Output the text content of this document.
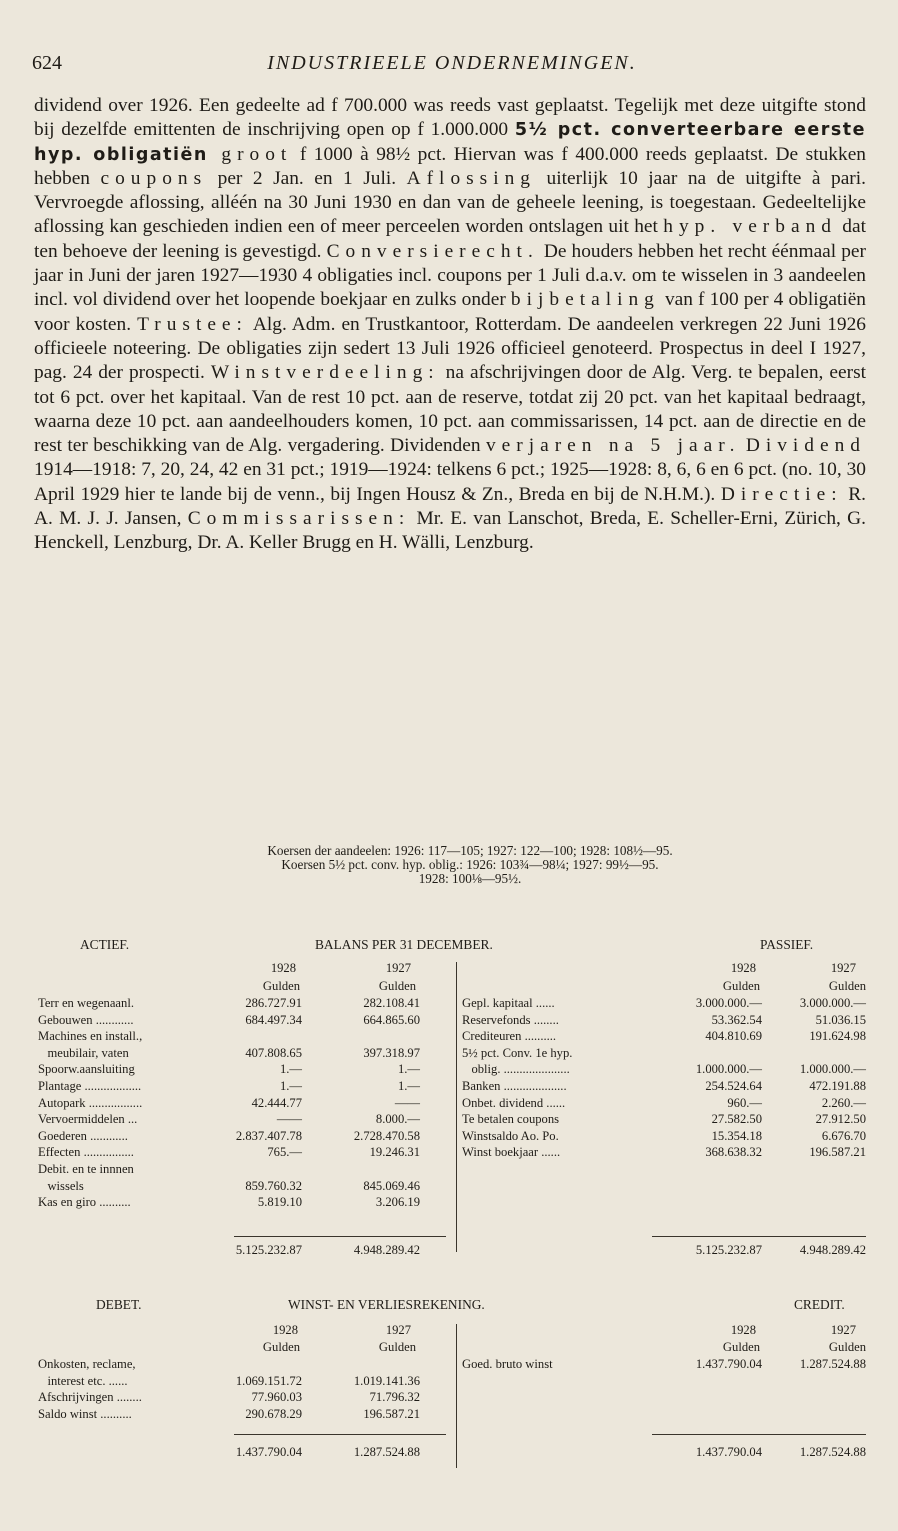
624	INDUSTRIEELE ONDERNEMINGEN.

dividend over 1926. Een gedeelte ad f 700.000 was reeds vast geplaatst. Tegelijk met deze uitgifte stond bij dezelfde emittenten de inschrijving open op f 1.000.000 5½ pct. converteerbare eerste hyp. obligatiën groot f 1000 à 98½ pct. Hiervan was f 400.000 reeds geplaatst. De stukken hebben coupons per 2 Jan. en 1 Juli. Aflossing uiterlijk 10 jaar na de uitgifte à pari. Vervroegde aflossing, alléén na 30 Juni 1930 en dan van de geheele leening, is toegestaan. Gedeeltelijke aflossing kan geschieden indien een of meer perceelen worden ontslagen uit het hyp. verband dat ten behoeve der leening is gevestigd. Conversierecht. De houders hebben het recht éénmaal per jaar in Juni der jaren 1927—1930 4 obligaties incl. coupons per 1 Juli d.a.v. om te wisselen in 3 aandeelen incl. vol dividend over het loopende boekjaar en zulks onder bijbetaling van f 100 per 4 obligatiën voor kosten. Trustee: Alg. Adm. en Trustkantoor, Rotterdam. De aandeelen verkregen 22 Juni 1926 officieele noteering. De obligaties zijn sedert 13 Juli 1926 officieel genoteerd. Prospectus in deel I 1927, pag. 24 der prospecti. Winstverdeeling: na afschrijvingen door de Alg. Verg. te bepalen, eerst tot 6 pct. over het kapitaal. Van de rest 10 pct. aan de reserve, totdat zij 20 pct. van het kapitaal bedraagt, waarna deze 10 pct. aan aandeelhouders komen, 10 pct. aan commissarissen, 14 pct. aan de directie en de rest ter beschikking van de Alg. vergadering. Dividenden verjaren na 5 jaar. Dividend 1914—1918: 7, 20, 24, 42 en 31 pct.; 1919—1924: telkens 6 pct.; 1925—1928: 8, 6, 6 en 6 pct. (no. 10, 30 April 1929 hier te lande bij de venn., bij Ingen Housz & Zn., Breda en bij de N.H.M.). Directie: R. A. M. J. J. Jansen, Commissarissen: Mr. E. van Lanschot, Breda, E. Scheller-Erni, Zürich, G. Henckell, Lenzburg, Dr. A. Keller Brugg en H. Wälli, Lenzburg.

Koersen der aandeelen: 1926: 117—105; 1927: 122—100; 1928: 108½—95.
Koersen 5½ pct. conv. hyp. oblig.: 1926: 103¾—98¼; 1927: 99½—95.
1928: 100⅛—95½.
ACTIEF.	BALANS PER 31 DECEMBER.	PASSIEF.
1928	1927	1928	1927
Gulden	Gulden	Gulden	Gulden
Terr en wegenaanl.	286.727.91	282.108.41
Gebouwen ............	684.497.34	664.865.60
Machines en install.,
meubilair, vaten	407.808.65	397.318.97
Spoorw.aansluiting	1.—	1.—
Plantage ..................	1.—	1.—
Autopark .................	42.444.77	——
Vervoermiddelen ...	——	8.000.—
Goederen ............	2.837.407.78	2.728.470.58
Effecten ................	765.—	19.246.31
Debit. en te innnen
wissels	859.760.32	845.069.46
Kas en giro ..........	5.819.10	3.206.19
Gepl. kapitaal ......	3.000.000.—	3.000.000.—
Reservefonds ........	53.362.54	51.036.15
Crediteuren ..........	404.810.69	191.624.98
5½ pct. Conv. 1e hyp.
oblig. .....................	1.000.000.—	1.000.000.—
Banken ....................	254.524.64	472.191.88
Onbet. dividend ......	960.—	2.260.—
Te betalen coupons	27.582.50	27.912.50
Winstsaldo Ao. Po.	15.354.18	6.676.70
Winst boekjaar ......	368.638.32	196.587.21
5.125.232.87	4.948.289.42	5.125.232.87	4.948.289.42
DEBET.	WINST- EN VERLIESREKENING.	CREDIT.
1928	1927	1928	1927
Gulden	Gulden	Gulden	Gulden
Onkosten, reclame,
interest etc. ......	1.069.151.72	1.019.141.36
Afschrijvingen ........	77.960.03	71.796.32
Saldo winst ..........	290.678.29	196.587.21
Goed. bruto winst	1.437.790.04	1.287.524.88
1.437.790.04	1.287.524.88	1.437.790.04	1.287.524.88
